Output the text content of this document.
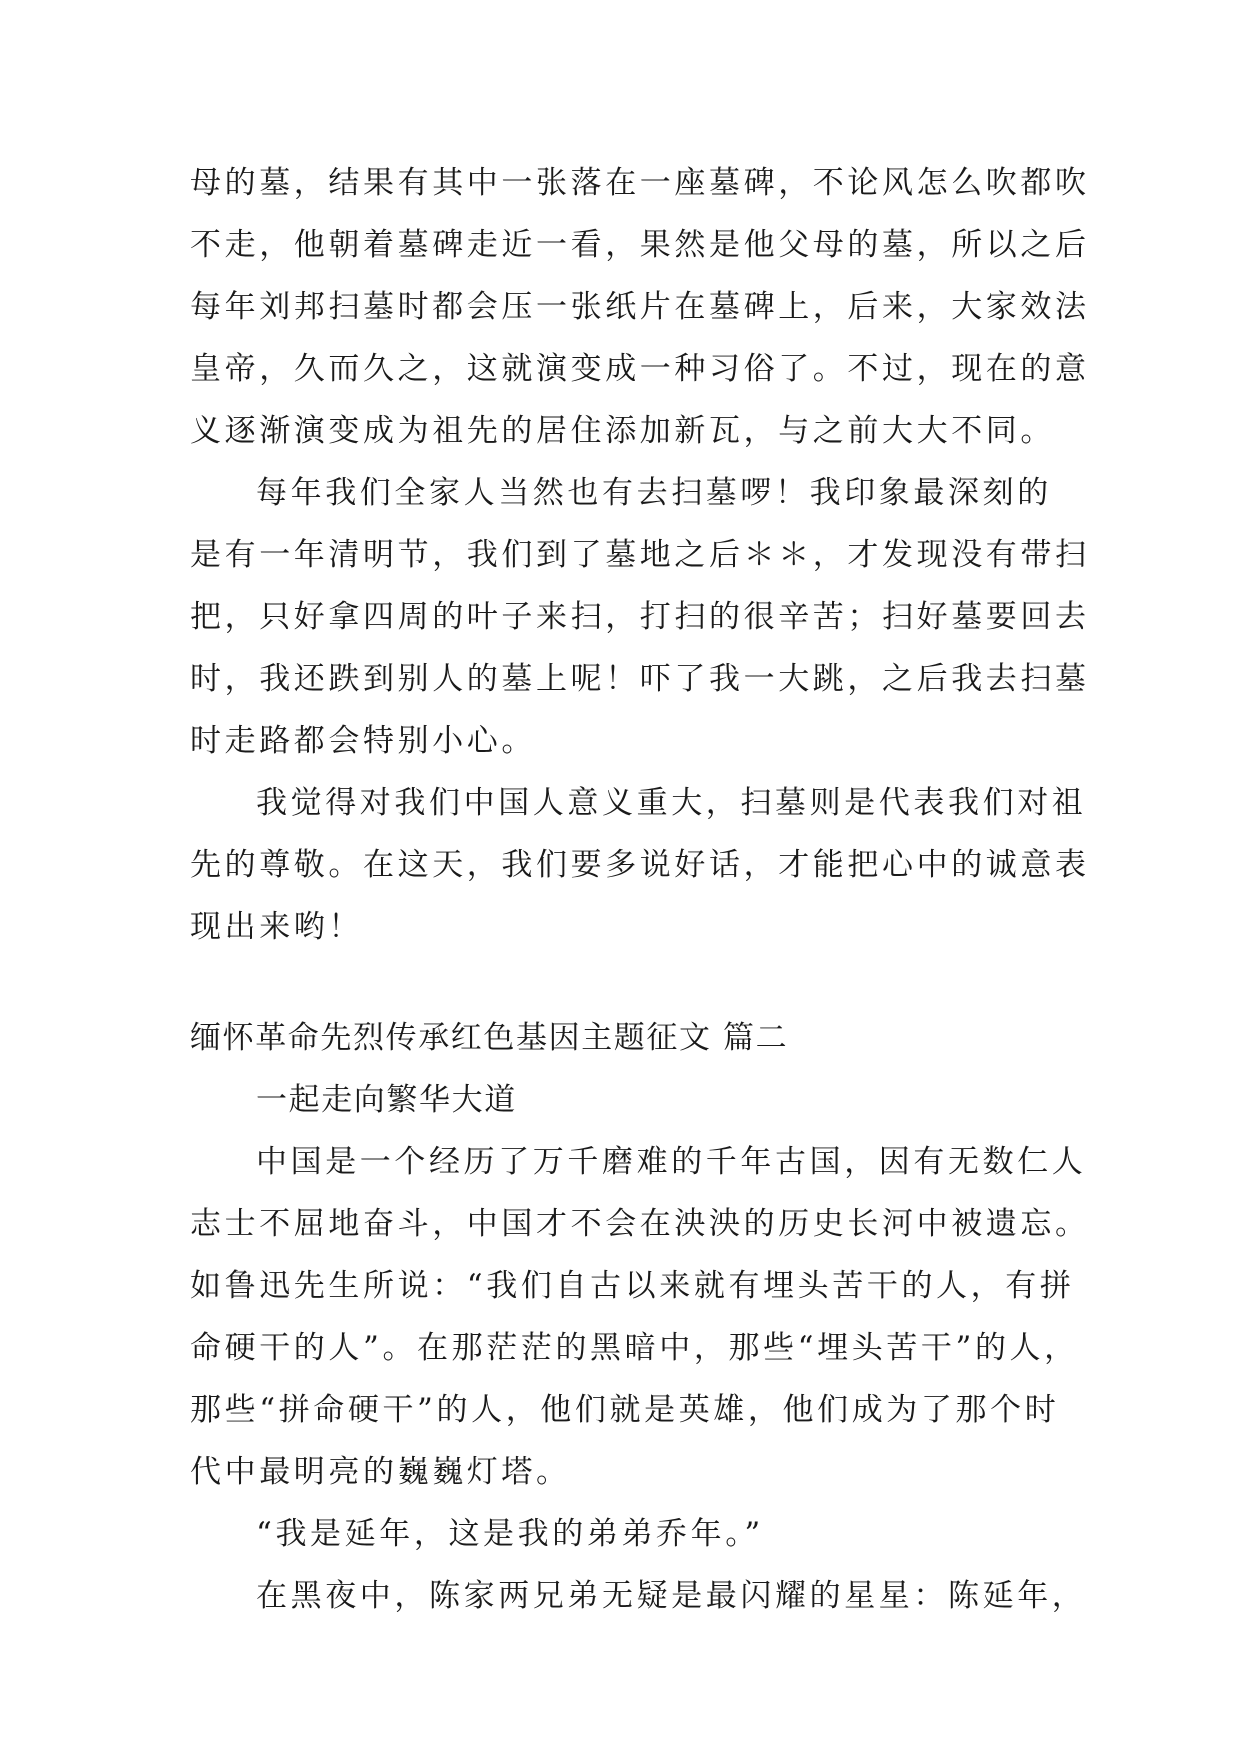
母的墓，结果有其中一张落在一座墓碑，不论风怎么吹都吹
不走，他朝着墓碑走近一看，果然是他父母的墓，所以之后
每年刘邦扫墓时都会压一张纸片在墓碑上，后来，大家效法
皇帝，久而久之，这就演变成一种习俗了。不过，现在的意
义逐渐演变成为祖先的居住添加新瓦，与之前大大不同。
每年我们全家人当然也有去扫墓啰！我印象最深刻的
是有一年清明节，我们到了墓地之后＊＊，才发现没有带扫
把，只好拿四周的叶子来扫，打扫的很辛苦；扫好墓要回去
时，我还跌到别人的墓上呢！吓了我一大跳，之后我去扫墓
时走路都会特别小心。
我觉得对我们中国人意义重大，扫墓则是代表我们对祖
先的尊敬。在这天，我们要多说好话，才能把心中的诚意表
现出来哟！
缅怀革命先烈传承红色基因主题征文 篇二
一起走向繁华大道
中国是一个经历了万千磨难的千年古国，因有无数仁人
志士不屈地奋斗，中国才不会在泱泱的历史长河中被遗忘。
如鲁迅先生所说：“我们自古以来就有埋头苦干的人，有拼
命硬干的人”。在那茫茫的黑暗中，那些“埋头苦干”的人，
那些“拼命硬干”的人，他们就是英雄，他们成为了那个时
代中最明亮的巍巍灯塔。
“我是延年，这是我的弟弟乔年。”
在黑夜中，陈家两兄弟无疑是最闪耀的星星：陈延年，
